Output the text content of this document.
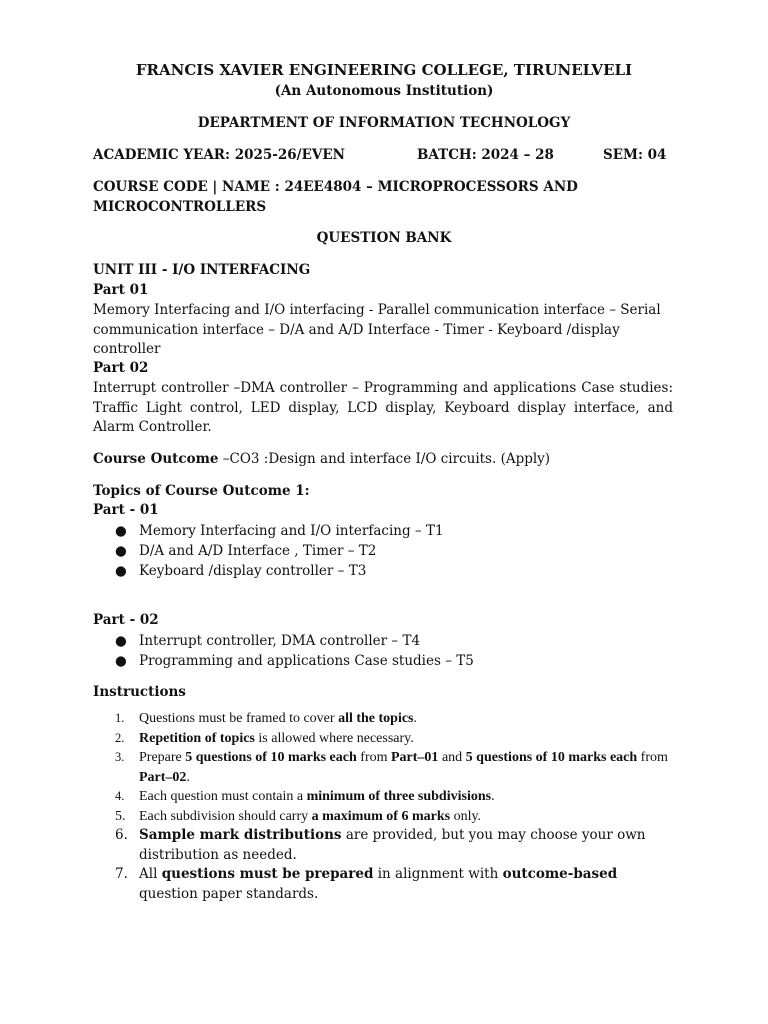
FRANCIS XAVIER ENGINEERING COLLEGE, TIRUNELVELI

(An Autonomous Institution)

DEPARTMENT OF INFORMATION TECHNOLOGY

ACADEMIC YEAR: 2025-26/EVEN	BATCH: 2024 – 28	SEM: 04

COURSE CODE | NAME : 24EE4804 – MICROPROCESSORS AND

MICROCONTROLLERS

QUESTION BANK

UNIT III - I/O INTERFACING

Part 01

Memory Interfacing and I/O interfacing - Parallel communication interface – Serial communication interface – D/A and A/D Interface - Timer - Keyboard /display controller

Part 02

Interrupt controller –DMA controller – Programming and applications Case studies: Traffic Light control, LED display, LCD display, Keyboard display interface, and Alarm Controller.

Course Outcome –CO3 :Design and interface I/O circuits. (Apply)

Topics of Course Outcome 1:

Part - 01

● Memory Interfacing and I/O interfacing – T1
● D/A and A/D Interface , Timer – T2
● Keyboard /display controller – T3

Part - 02

● Interrupt controller, DMA controller – T4
● Programming and applications Case studies – T5

Instructions

1. Questions must be framed to cover all the topics.
2. Repetition of topics is allowed where necessary.
3. Prepare 5 questions of 10 marks each from Part–01 and 5 questions of 10 marks each from Part–02.
4. Each question must contain a minimum of three subdivisions.
5. Each subdivision should carry a maximum of 6 marks only.
6. Sample mark distributions are provided, but you may choose your own distribution as needed.
7. All questions must be prepared in alignment with outcome-based question paper standards.
